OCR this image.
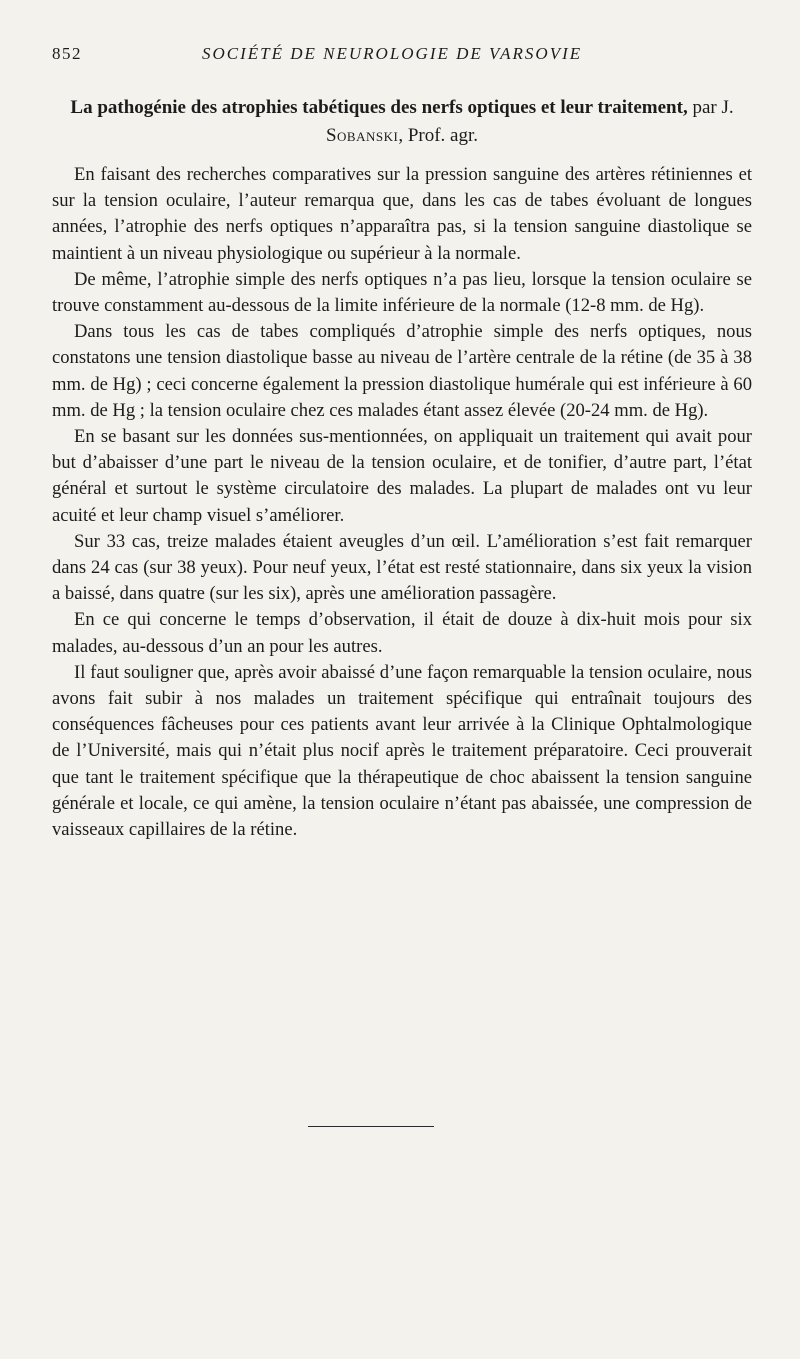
852	SOCIÉTÉ DE NEUROLOGIE DE VARSOVIE
La pathogénie des atrophies tabétiques des nerfs optiques et leur traitement, par J. Sobanski, Prof. agr.

En faisant des recherches comparatives sur la pression sanguine des artères rétiniennes et sur la tension oculaire, l’auteur remarqua que, dans les cas de tabes évoluant de longues années, l’atrophie des nerfs optiques n’apparaîtra pas, si la tension sanguine diastolique se maintient à un niveau physiologique ou supérieur à la normale.

De même, l’atrophie simple des nerfs optiques n’a pas lieu, lorsque la tension oculaire se trouve constamment au-dessous de la limite inférieure de la normale (12-8 mm. de Hg).

Dans tous les cas de tabes compliqués d’atrophie simple des nerfs optiques, nous constatons une tension diastolique basse au niveau de l’artère centrale de la rétine (de 35 à 38 mm. de Hg) ; ceci concerne également la pression diastolique humérale qui est inférieure à 60 mm. de Hg ; la tension oculaire chez ces malades étant assez élevée (20-24 mm. de Hg).

En se basant sur les données sus-mentionnées, on appliquait un traitement qui avait pour but d’abaisser d’une part le niveau de la tension oculaire, et de tonifier, d’autre part, l’état général et surtout le système circulatoire des malades. La plupart de malades ont vu leur acuité et leur champ visuel s’améliorer.

Sur 33 cas, treize malades étaient aveugles d’un œil. L’amélioration s’est fait remarquer dans 24 cas (sur 38 yeux). Pour neuf yeux, l’état est resté stationnaire, dans six yeux la vision a baissé, dans quatre (sur les six), après une amélioration passagère.

En ce qui concerne le temps d’observation, il était de douze à dix-huit mois pour six malades, au-dessous d’un an pour les autres.

Il faut souligner que, après avoir abaissé d’une façon remarquable la tension oculaire, nous avons fait subir à nos malades un traitement spécifique qui entraînait toujours des conséquences fâcheuses pour ces patients avant leur arrivée à la Clinique Ophtalmologique de l’Université, mais qui n’était plus nocif après le traitement préparatoire. Ceci prouverait que tant le traitement spécifique que la thérapeutique de choc abaissent la tension sanguine générale et locale, ce qui amène, la tension oculaire n’étant pas abaissée, une compression de vaisseaux capillaires de la rétine.
